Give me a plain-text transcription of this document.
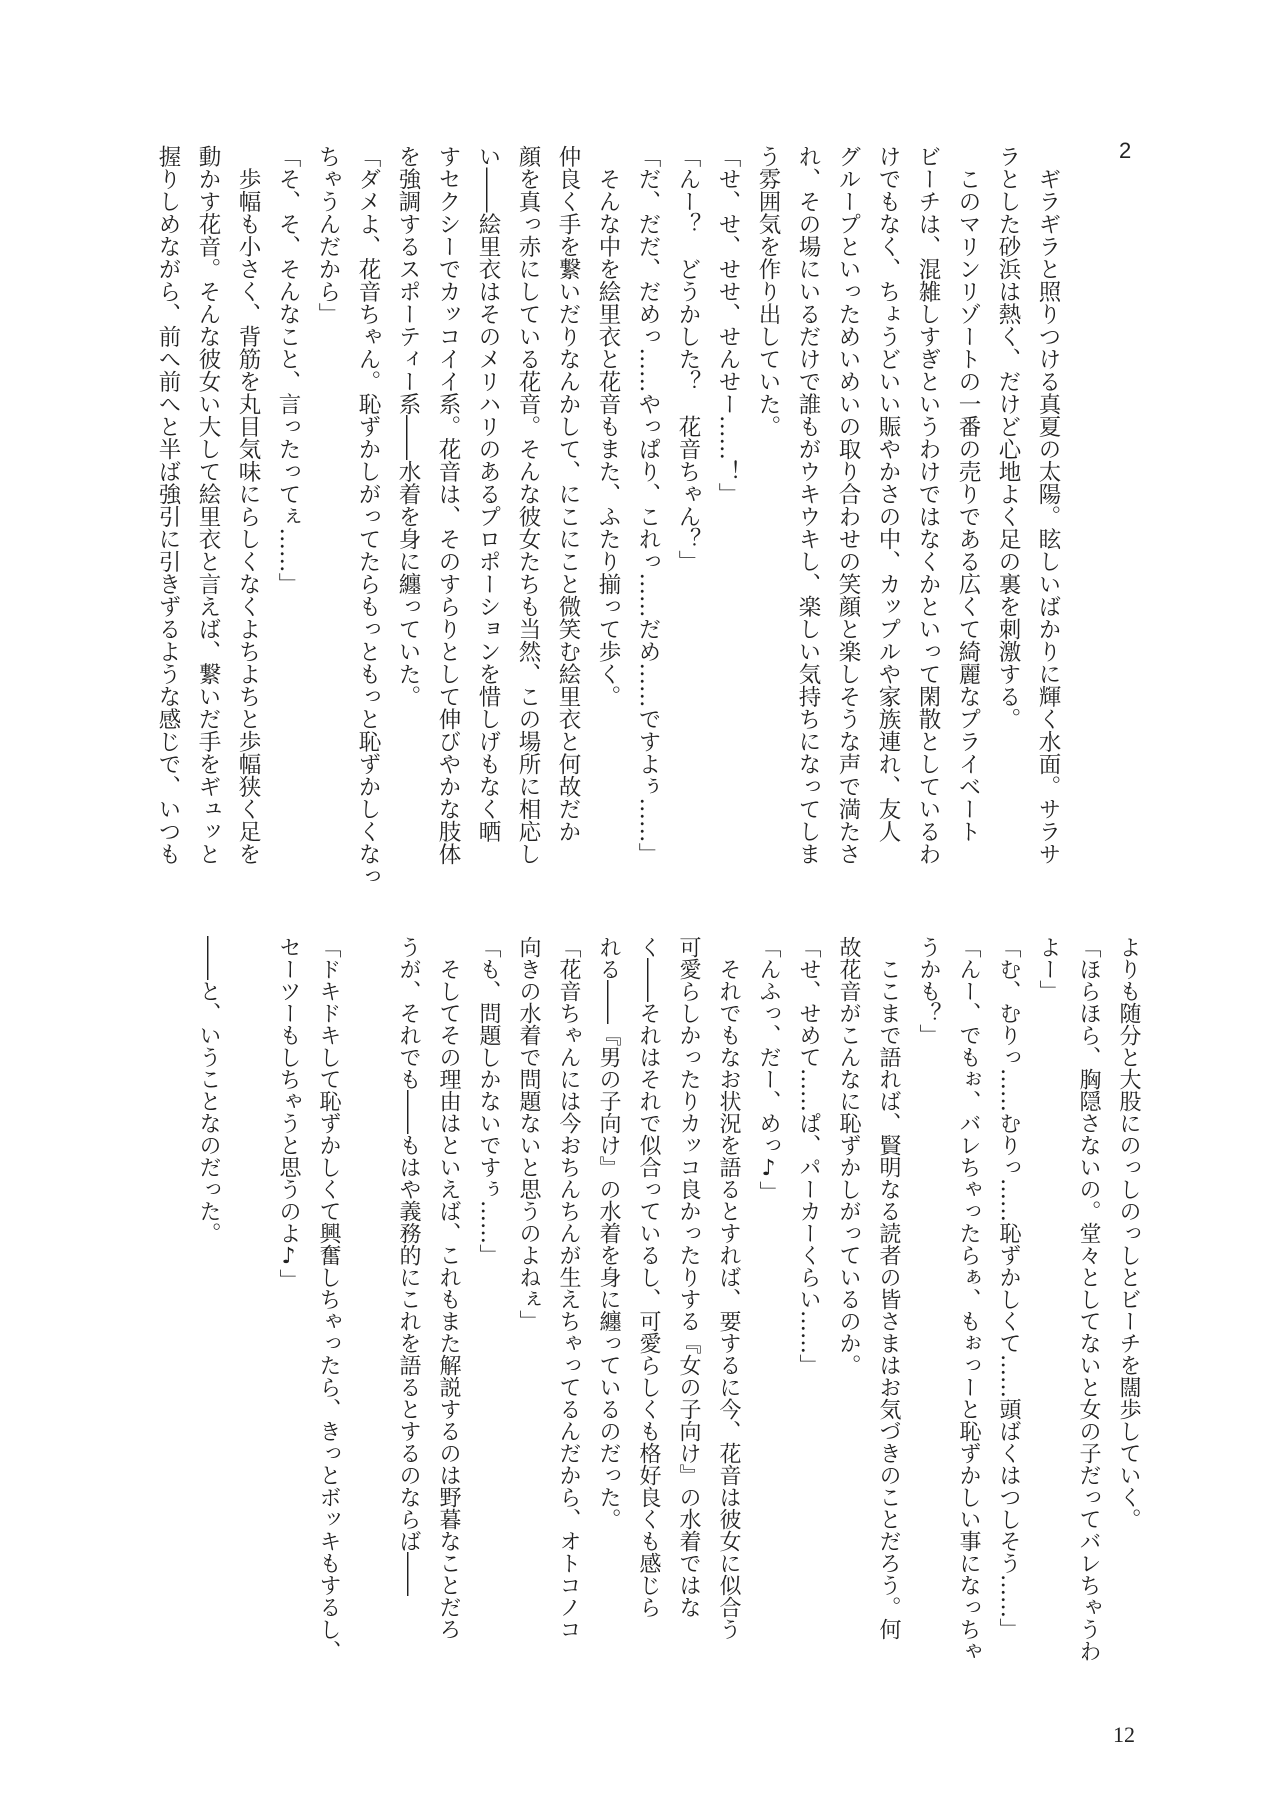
2
　ギラギラと照りつける真夏の太陽。眩しいばかりに輝く水面。サラサ
ラとした砂浜は熱く、だけど心地よく足の裏を刺激する。
　このマリンリゾートの一番の売りである広くて綺麗なプライベート
ビーチは、混雑しすぎというわけではなくかといって閑散としているわ
けでもなく、ちょうどいい賑やかさの中、カップルや家族連れ、友人
グループといっためいめいの取り合わせの笑顔と楽しそうな声で満たさ
れ、その場にいるだけで誰もがウキウキし、楽しい気持ちになってしま
う雰囲気を作り出していた。
「せ、せ、せせ、せんせー……！」
「んー？　どうかした？　花音ちゃん？」
「だ、だだ、だめっ……やっぱり、これっ……だめ……ですよぅ……」
　そんな中を絵里衣と花音もまた、ふたり揃って歩く。
仲良く手を繋いだりなんかして、にこにこと微笑む絵里衣と何故だか
顔を真っ赤にしている花音。そんな彼女たちも当然、この場所に相応し
い――絵里衣はそのメリハリのあるプロポーションを惜しげもなく晒
すセクシーでカッコイイ系。花音は、そのすらりとして伸びやかな肢体
を強調するスポーティー系――水着を身に纏っていた。
「ダメよ、花音ちゃん。恥ずかしがってたらもっともっと恥ずかしくなっ
ちゃうんだから」
「そ、そ、そんなこと、言ったってぇ……」
　歩幅も小さく、背筋を丸目気味にらしくなくよちよちと歩幅狭く足を
動かす花音。そんな彼女い大して絵里衣と言えば、繋いだ手をギュッと
握りしめながら、前へ前へと半ば強引に引きずるような感じで、いつも
よりも随分と大股にのっしのっしとビーチを闊歩していく。
「ほらほら、胸隠さないの。堂々としてないと女の子だってバレちゃうわ
よー」
「む、むりっ……むりっ……恥ずかしくて……頭ばくはつしそう……」
「んー、でもぉ、バレちゃったらぁ、もぉっーと恥ずかしい事になっちゃ
うかも？」
　ここまで語れば、賢明なる読者の皆さまはお気づきのことだろう。何
故花音がこんなに恥ずかしがっているのか。
「せ、せめて……ぱ、パーカーくらい……」
「んふっ、だー、めっ♪」
　それでもなお状況を語るとすれば、要するに今、花音は彼女に似合う
可愛らしかったりカッコ良かったりする『女の子向け』の水着ではな
く――それはそれで似合っているし、可愛らしくも格好良くも感じら
れる――『男の子向け』の水着を身に纏っているのだった。
「花音ちゃんには今おちんちんが生えちゃってるんだから、オトコノコ
向きの水着で問題ないと思うのよねぇ」
「も、問題しかないですぅ……」
　そしてその理由はといえば、これもまた解説するのは野暮なことだろ
うが、それでも――もはや義務的にこれを語るとするのならば――

「ドキドキして恥ずかしくて興奮しちゃったら、きっとボッキもするし、
セーツーもしちゃうと思うのよ♪」

――と、いうことなのだった。
12
